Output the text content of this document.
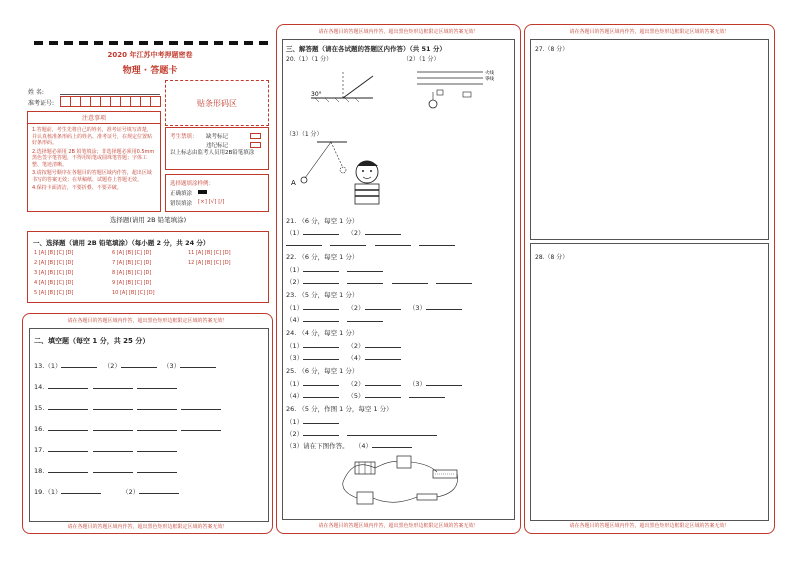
2020 年江苏中考押题密卷
物理 · 答题卡
姓 名:
准考证号:	贴条形码区
注意事项
1.答题前，考生先将自己的姓名，准考证号填写清楚，并认真核准条形码上的姓名、准考证号，在规定位置贴好条形码。
2.选择题必须用 2B 铅笔填涂；非选择题必须用0.5mm黑色签字笔答题，不得用铅笔或圆珠笔答题；字体工整、笔迹清晰。
3.请按题号顺序在各题目的答题区域内作答，超出区域书写的答案无效；在草稿纸、试题卷上答题无效。
4.保持卡面清洁，不要折叠、不要弄破。
考生禁填： 缺考标记
违纪标记
以上标志由监考人员用2B铅笔填涂
选择题填涂样例：
正确填涂
错误填涂 [×] [√] [/]
选择题(请用 2B 铅笔填涂)
一、选择题（请用 2B 铅笔填涂）（每小题 2 分，共 24 分）
1 [A] [B] [C] [D]
2 [A] [B] [C] [D]
3 [A] [B] [C] [D]
4 [A] [B] [C] [D]
5 [A] [B] [C] [D]
6 [A] [B] [C] [D]
7 [A] [B] [C] [D]
8 [A] [B] [C] [D]
9 [A] [B] [C] [D]
10 [A] [B] [C] [D]
11 [A] [B] [C] [D]
12 [A] [B] [C] [D]
请在各题目的答题区域内作答，超出黑色矩形边框限定区域的答案无效！
二、填空题（每空 1 分，共 25 分）
13.（1）	（2）	（3）
14.
15.
16.
17.
18.
19.（1）	（2）
请在各题目的答题区域内作答，超出黑色矩形边框限定区域的答案无效！
请在各题目的答题区域内作答，超出黑色矩形边框限定区域的答案无效！
三、解答题（请在各试题的答题区内作答）（共 51 分）
20.（1）（1 分）	（2）（1 分）
30°
火线
零线
（3）（1 分）
A
21. （6 分，每空 1 分）
（1）	（2）

22. （6 分，每空 1 分）
（1）
（2）
23. （5 分，每空 1 分）
（1）	（2）	（3）
（4）
24. （4 分，每空 1 分）
（1）	（2）
（3）	（4）
25. （6 分，每空 1 分）
（1）	（2）	（3）
（4）	（5）
26. （5 分，作图 1 分，每空 1 分）
（1）
（2）
（3）请在下图作答。 （4）
请在各题目的答题区域内作答，超出黑色矩形边框限定区域的答案无效！
请在各题目的答题区域内作答，超出黑色矩形边框限定区域的答案无效！
27.（8 分）
28.（8 分）
请在各题目的答题区域内作答，超出黑色矩形边框限定区域的答案无效！
